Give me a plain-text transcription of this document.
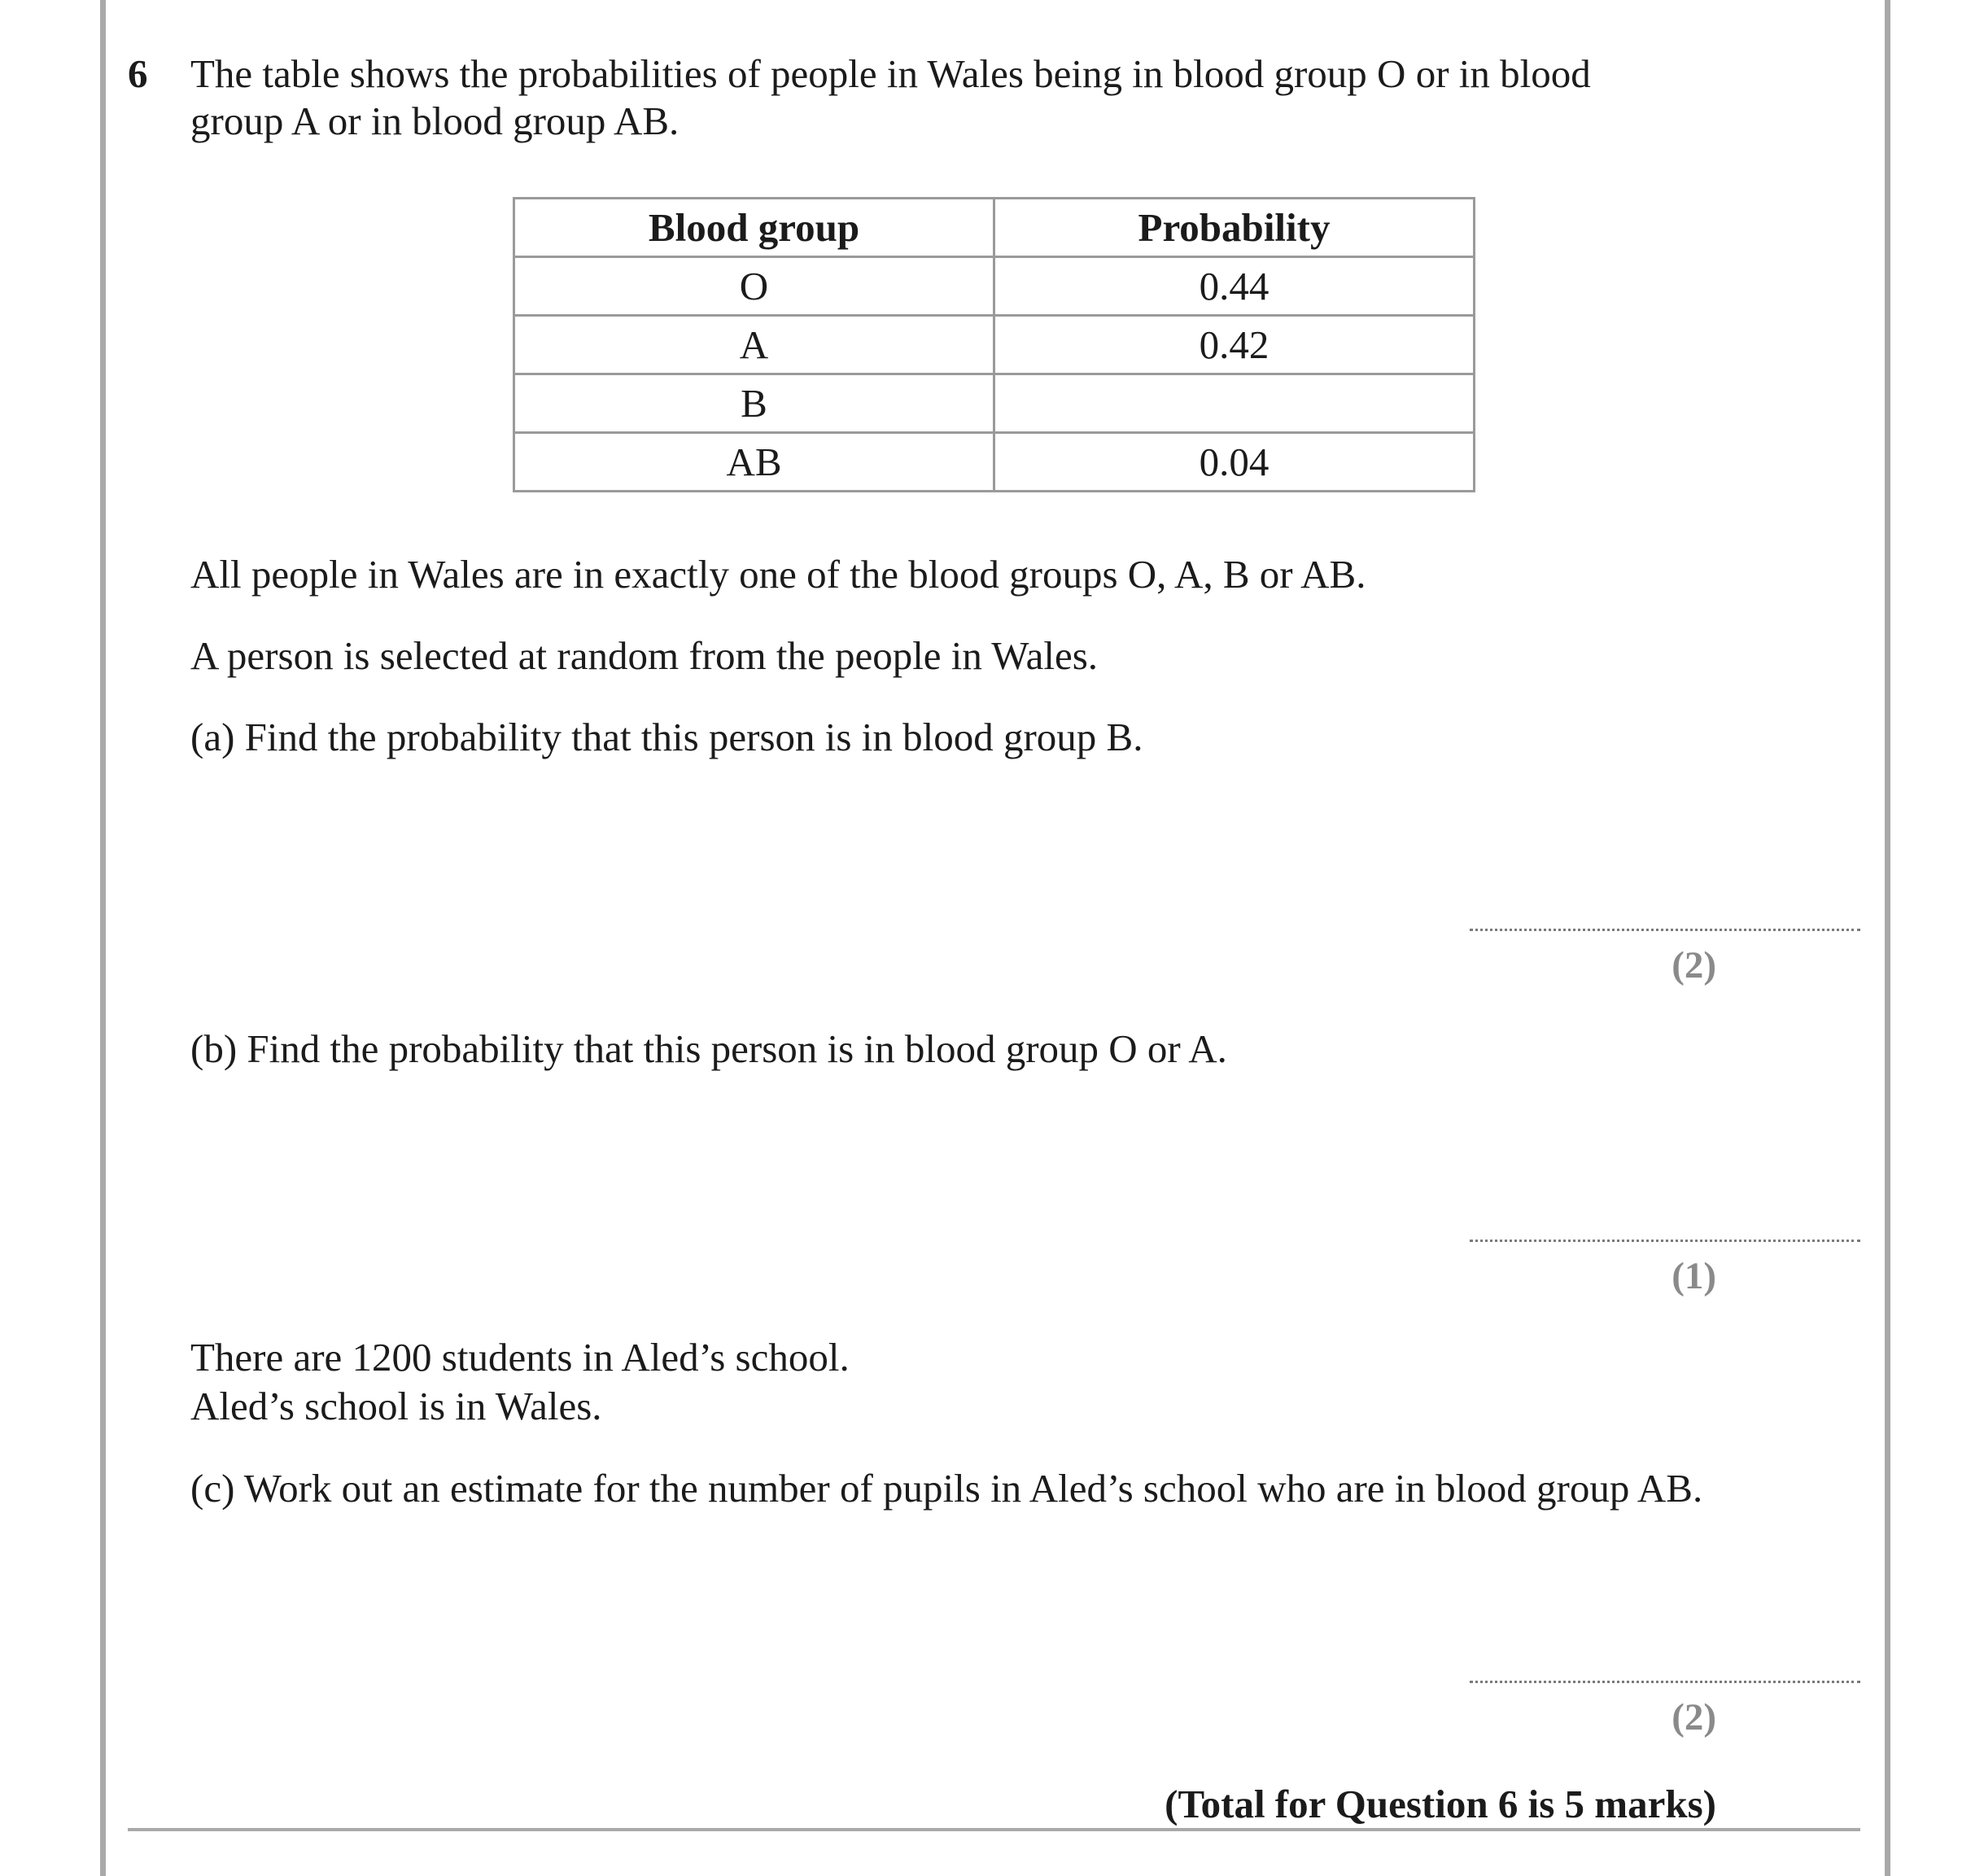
6 The table shows the probabilities of people in Wales being in blood group O or in blood
group A or in blood group AB.
Blood group	Probability
O	0.44
A	0.42
B	
AB	0.04
All people in Wales are in exactly one of the blood groups O, A, B or AB.
A person is selected at random from the people in Wales.
(a) Find the probability that this person is in blood group B.
(2)
(b) Find the probability that this person is in blood group O or A.
(1)
There are 1200 students in Aled’s school.
Aled’s school is in Wales.
(c) Work out an estimate for the number of pupils in Aled’s school who are in blood group AB.
(2)
(Total for Question 6 is 5 marks)
